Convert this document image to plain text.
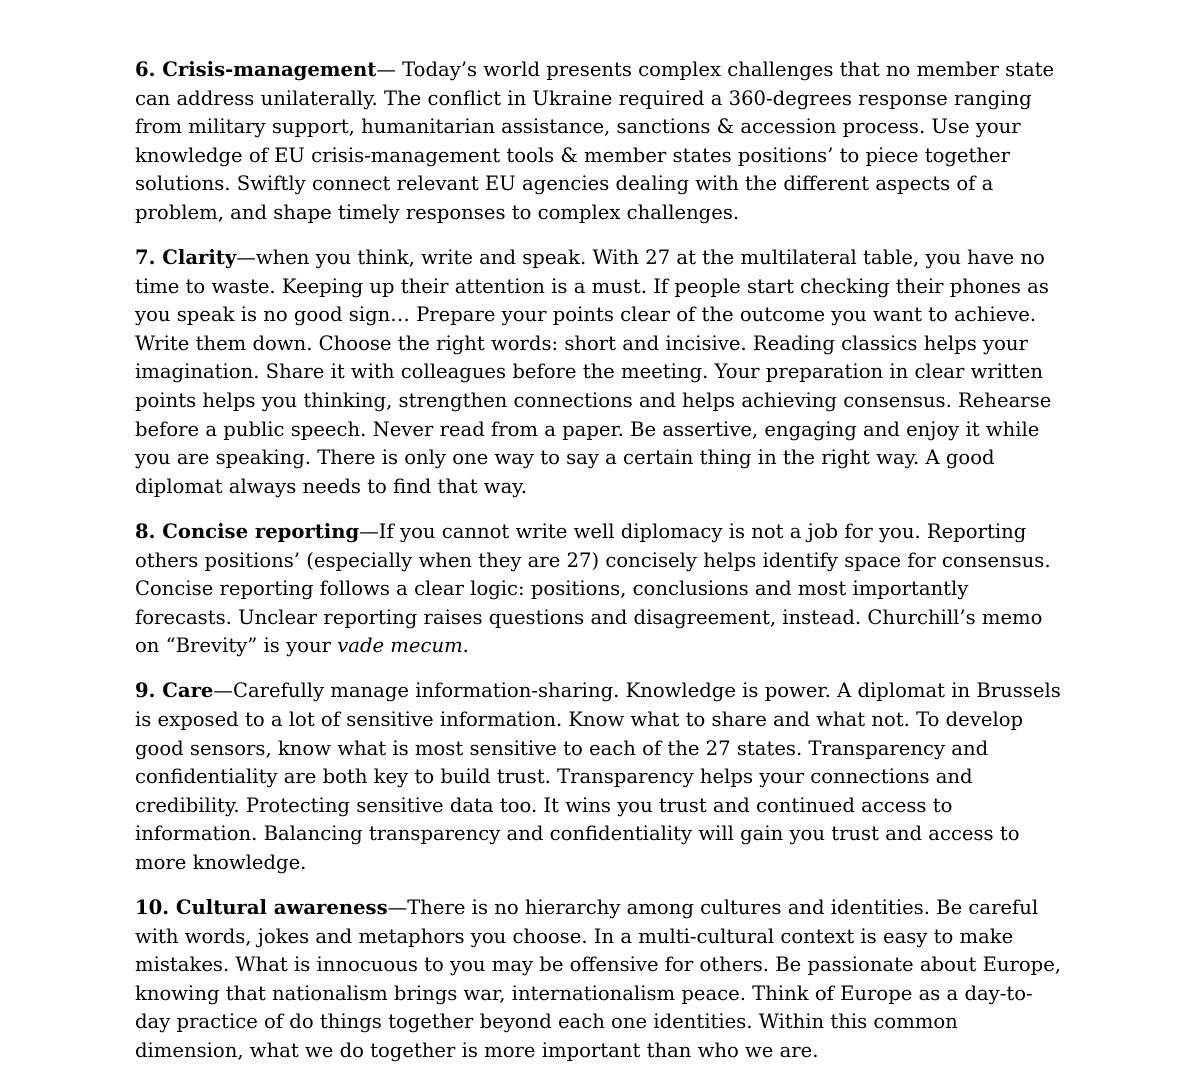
6. Crisis-management— Today’s world presents complex challenges that no member state can address unilaterally. The conflict in Ukraine required a 360-degrees response ranging from military support, humanitarian assistance, sanctions & accession process. Use your knowledge of EU crisis-management tools & member states positions’ to piece together solutions. Swiftly connect relevant EU agencies dealing with the different aspects of a problem, and shape timely responses to complex challenges.

7. Clarity—when you think, write and speak. With 27 at the multilateral table, you have no time to waste. Keeping up their attention is a must. If people start checking their phones as you speak is no good sign… Prepare your points clear of the outcome you want to achieve. Write them down. Choose the right words: short and incisive. Reading classics helps your imagination. Share it with colleagues before the meeting. Your preparation in clear written points helps you thinking, strengthen connections and helps achieving consensus. Rehearse before a public speech. Never read from a paper. Be assertive, engaging and enjoy it while you are speaking. There is only one way to say a certain thing in the right way. A good diplomat always needs to find that way.

8. Concise reporting—If you cannot write well diplomacy is not a job for you. Reporting others positions’ (especially when they are 27) concisely helps identify space for consensus. Concise reporting follows a clear logic: positions, conclusions and most importantly forecasts. Unclear reporting raises questions and disagreement, instead. Churchill’s memo on “Brevity” is your vade mecum.

9. Care—Carefully manage information-sharing. Knowledge is power. A diplomat in Brussels is exposed to a lot of sensitive information. Know what to share and what not. To develop good sensors, know what is most sensitive to each of the 27 states. Transparency and confidentiality are both key to build trust. Transparency helps your connections and credibility. Protecting sensitive data too. It wins you trust and continued access to information. Balancing transparency and confidentiality will gain you trust and access to more knowledge.

10. Cultural awareness—There is no hierarchy among cultures and identities. Be careful with words, jokes and metaphors you choose. In a multi-cultural context is easy to make mistakes. What is innocuous to you may be offensive for others. Be passionate about Europe, knowing that nationalism brings war, internationalism peace. Think of Europe as a day-to-day practice of do things together beyond each one identities. Within this common dimension, what we do together is more important than who we are.
